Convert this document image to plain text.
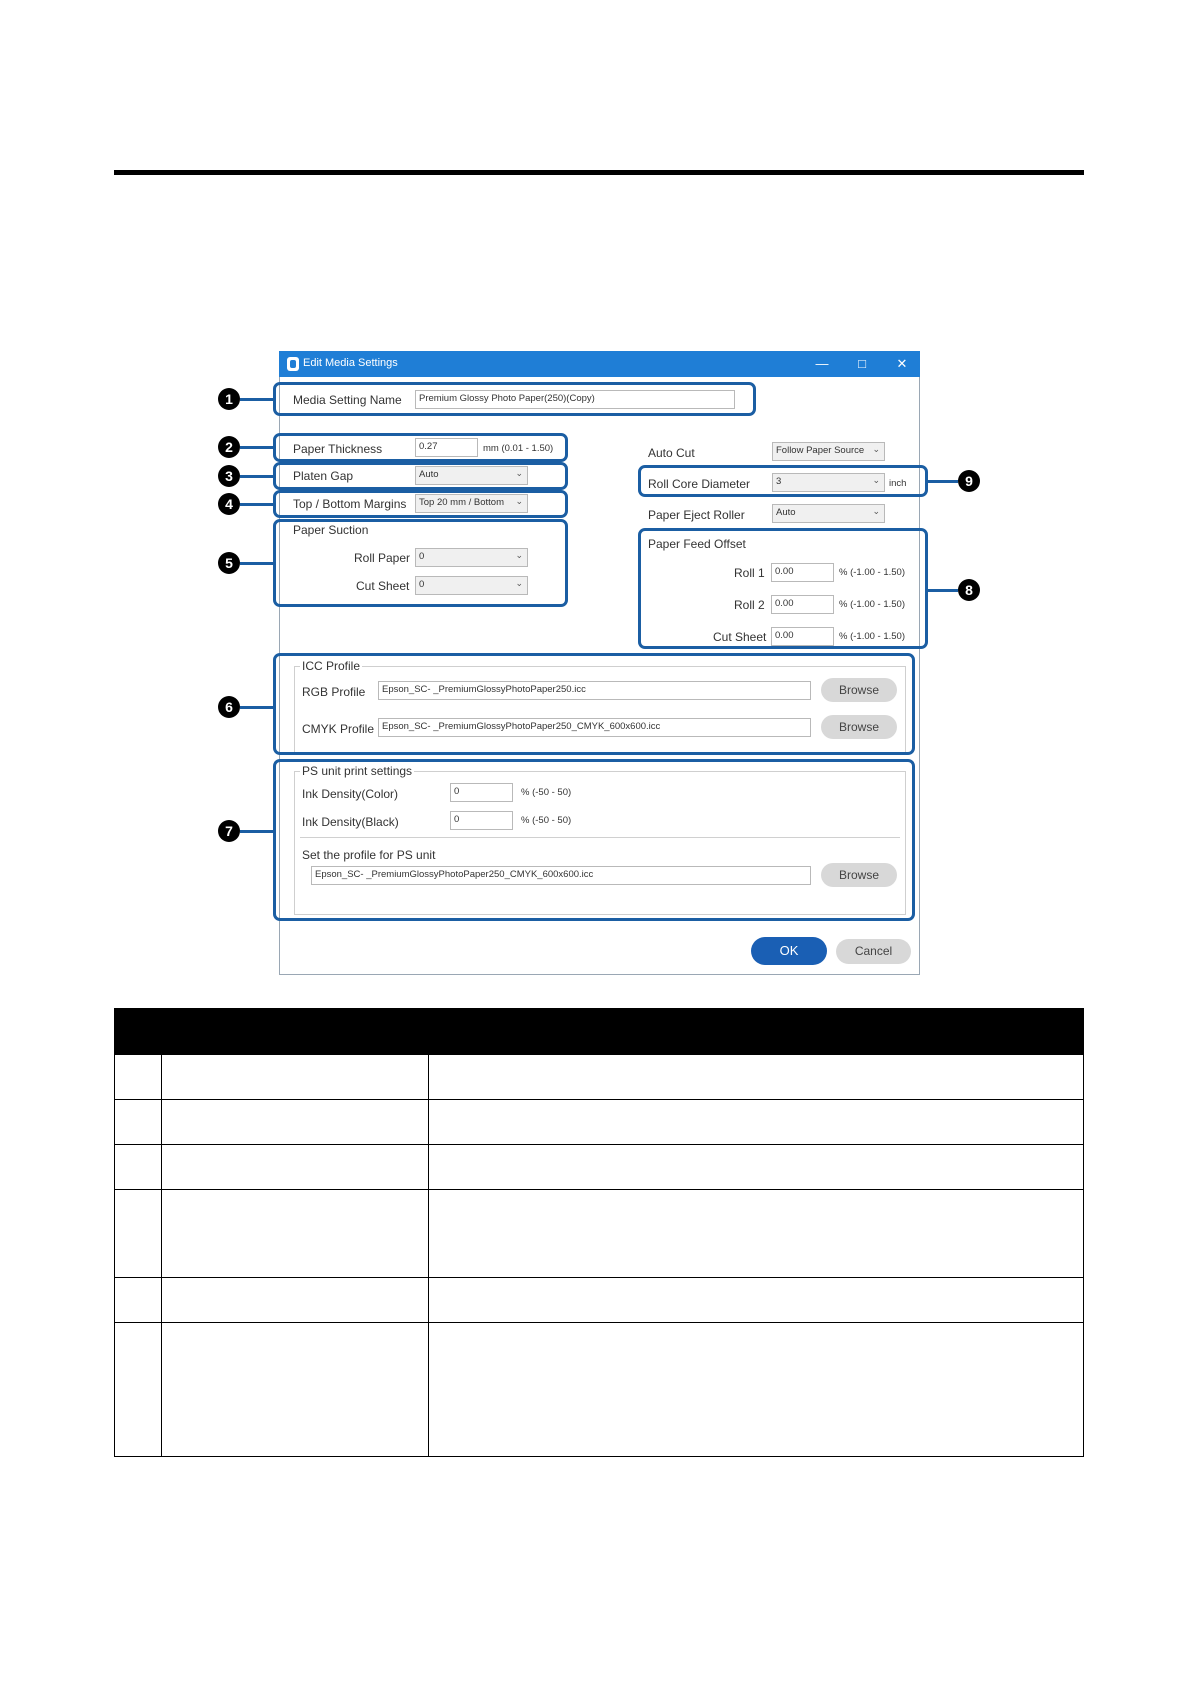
Edit Media Settings	—	□	✕
Media Setting Name	Premium Glossy Photo Paper(250)(Copy)
Paper Thickness	0.27	mm (0.01 - 1.50)
Platen Gap	Auto	⌄
Top / Bottom Margins	Top 20 mm / Bottom ⌄
Paper Suction
Roll Paper 0	⌄
Cut Sheet	0	⌄
Auto Cut	Follow Paper Source ⌄
Roll Core Diameter	3	⌄ inch
Paper Eject Roller	Auto	⌄
Paper Feed Offset
Roll 1	0.00	% (-1.00 - 1.50)
Roll 2	0.00	% (-1.00 - 1.50)
Cut Sheet 0.00	% (-1.00 - 1.50)
ICC Profile
RGB Profile	Epson_SC- _PremiumGlossyPhotoPaper250.icc	Browse
CMYK Profile Epson_SC- _PremiumGlossyPhotoPaper250_CMYK_600x600.icc	Browse
PS unit print settings
Ink Density(Color)	0	% (-50 - 50)
Ink Density(Black)	0	% (-50 - 50)
Set the profile for PS unit
Epson_SC- _PremiumGlossyPhotoPaper250_CMYK_600x600.icc	Browse
OK	Cancel
1
2
3
4
5
6
7
8
9
